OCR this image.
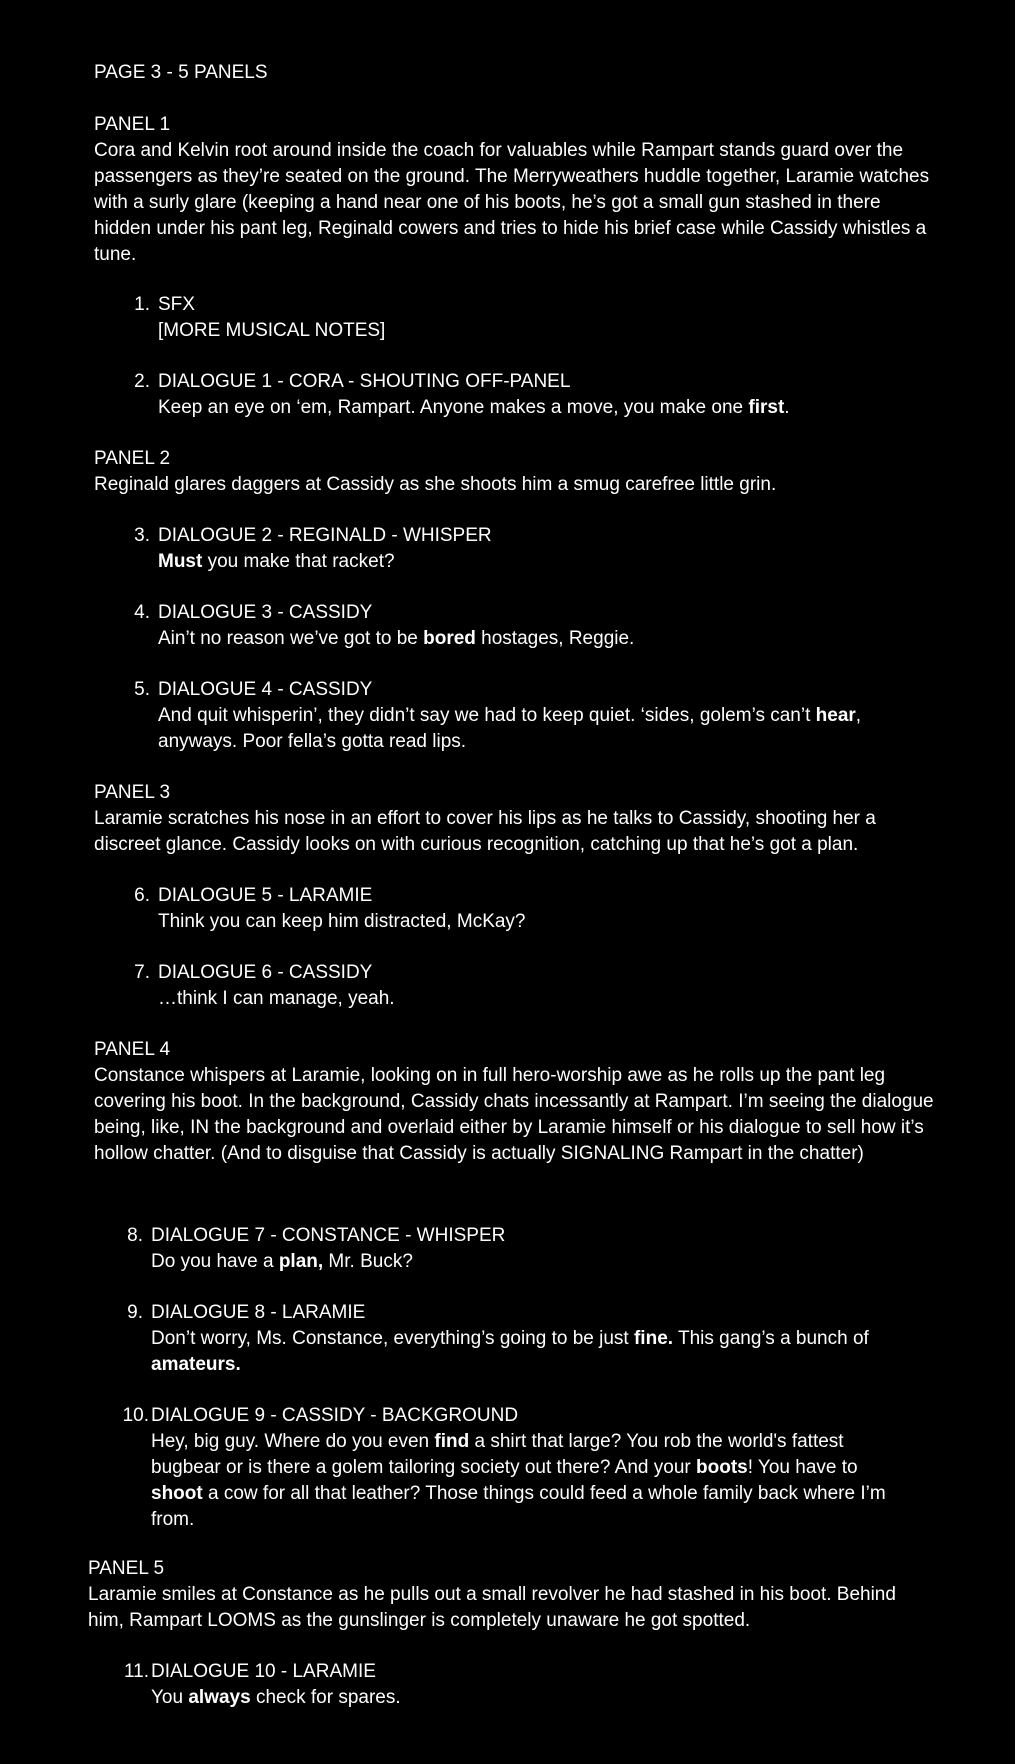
PAGE 3 - 5 PANELS

PANEL 1

Cora and Kelvin root around inside the coach for valuables while Rampart stands guard over the passengers as they’re seated on the ground. The Merryweathers huddle together, Laramie watches with a surly glare (keeping a hand near one of his boots, he’s got a small gun stashed in there hidden under his pant leg, Reginald cowers and tries to hide his brief case while Cassidy whistles a tune.

1. SFX
[MORE MUSICAL NOTES]
2. DIALOGUE 1 - CORA - SHOUTING OFF-PANEL
Keep an eye on ‘em, Rampart. Anyone makes a move, you make one first.

PANEL 2

Reginald glares daggers at Cassidy as she shoots him a smug carefree little grin.

3. DIALOGUE 2 - REGINALD - WHISPER
Must you make that racket?
4. DIALOGUE 3 - CASSIDY
Ain’t no reason we’ve got to be bored hostages, Reggie.
5. DIALOGUE 4 - CASSIDY
And quit whisperin’, they didn’t say we had to keep quiet. ‘sides, golem’s can’t hear, anyways. Poor fella’s gotta read lips.

PANEL 3

Laramie scratches his nose in an effort to cover his lips as he talks to Cassidy, shooting her a discreet glance. Cassidy looks on with curious recognition, catching up that he’s got a plan.

6. DIALOGUE 5 - LARAMIE
Think you can keep him distracted, McKay?
7. DIALOGUE 6 - CASSIDY
…think I can manage, yeah.

PANEL 4

Constance whispers at Laramie, looking on in full hero-worship awe as he rolls up the pant leg covering his boot. In the background, Cassidy chats incessantly at Rampart. I’m seeing the dialogue being, like, IN the background and overlaid either by Laramie himself or his dialogue to sell how it’s hollow chatter. (And to disguise that Cassidy is actually SIGNALING Rampart in the chatter)

8. DIALOGUE 7 - CONSTANCE - WHISPER
Do you have a plan, Mr. Buck?
9. DIALOGUE 8 - LARAMIE
Don’t worry, Ms. Constance, everything’s going to be just fine. This gang’s a bunch of amateurs.
10. DIALOGUE 9 - CASSIDY - BACKGROUND
Hey, big guy. Where do you even find a shirt that large? You rob the world's fattest bugbear or is there a golem tailoring society out there? And your boots! You have to shoot a cow for all that leather? Those things could feed a whole family back where I’m from.

PANEL 5

Laramie smiles at Constance as he pulls out a small revolver he had stashed in his boot. Behind him, Rampart LOOMS as the gunslinger is completely unaware he got spotted.

11. DIALOGUE 10 - LARAMIE
You always check for spares.
